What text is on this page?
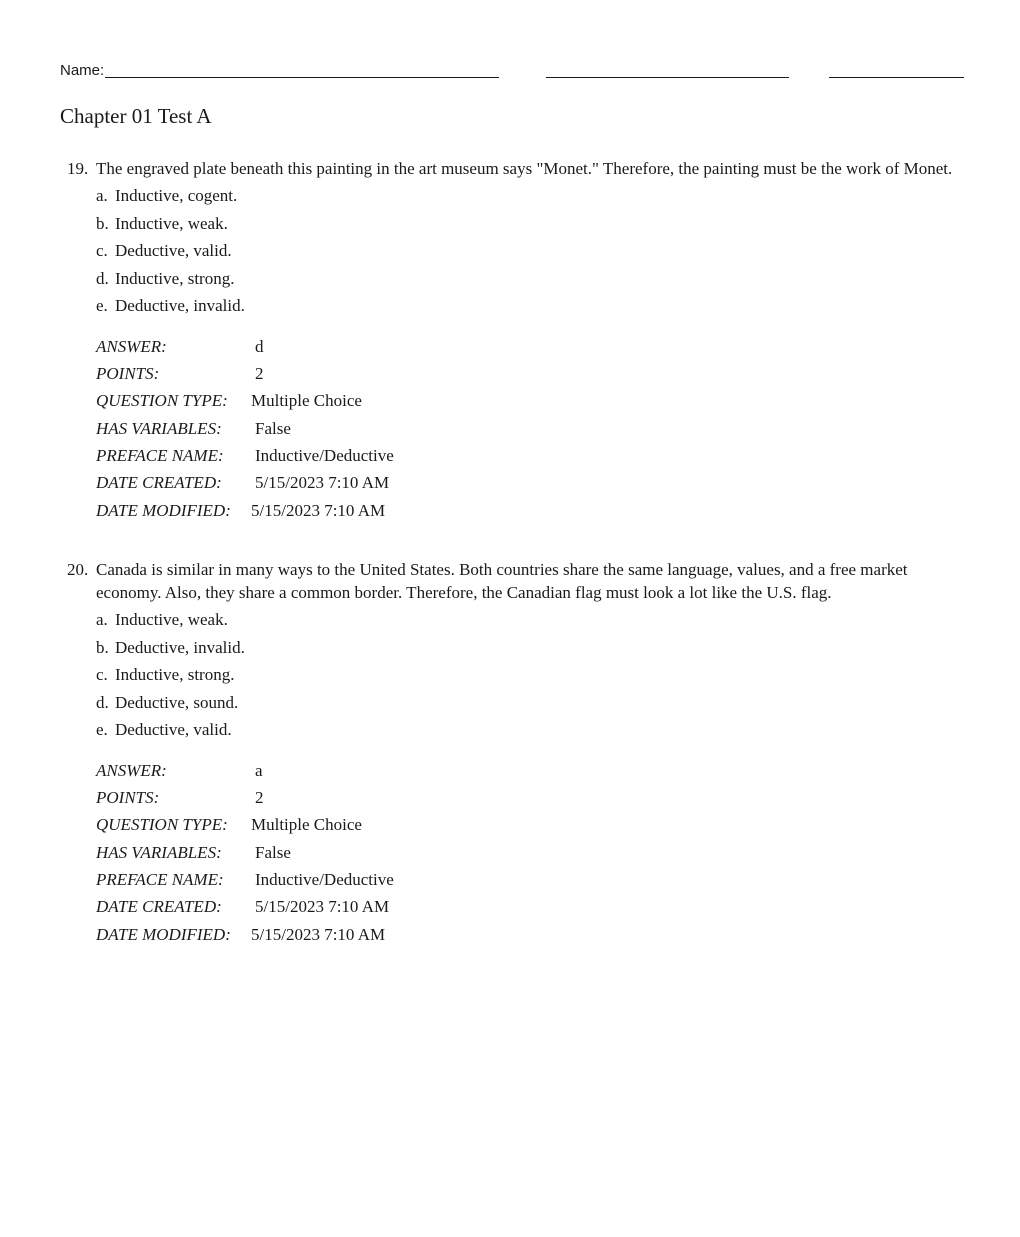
Name:
Chapter 01 Test A
19. The engraved plate beneath this painting in the art museum says "Monet." Therefore, the painting must be the work of Monet.
a. Inductive, cogent.
b. Inductive, weak.
c. Deductive, valid.
d. Inductive, strong.
e. Deductive, invalid.
ANSWER:	d
POINTS:	2
QUESTION TYPE: Multiple Choice
HAS VARIABLES: False
PREFACE NAME: Inductive/Deductive
DATE CREATED: 5/15/2023 7:10 AM
DATE MODIFIED: 5/15/2023 7:10 AM
20. Canada is similar in many ways to the United States. Both countries share the same language, values, and a free market economy. Also, they share a common border. Therefore, the Canadian flag must look a lot like the U.S. flag.
a. Inductive, weak.
b. Deductive, invalid.
c. Inductive, strong.
d. Deductive, sound.
e. Deductive, valid.
ANSWER:	a
POINTS:	2
QUESTION TYPE: Multiple Choice
HAS VARIABLES: False
PREFACE NAME: Inductive/Deductive
DATE CREATED: 5/15/2023 7:10 AM
DATE MODIFIED: 5/15/2023 7:10 AM
